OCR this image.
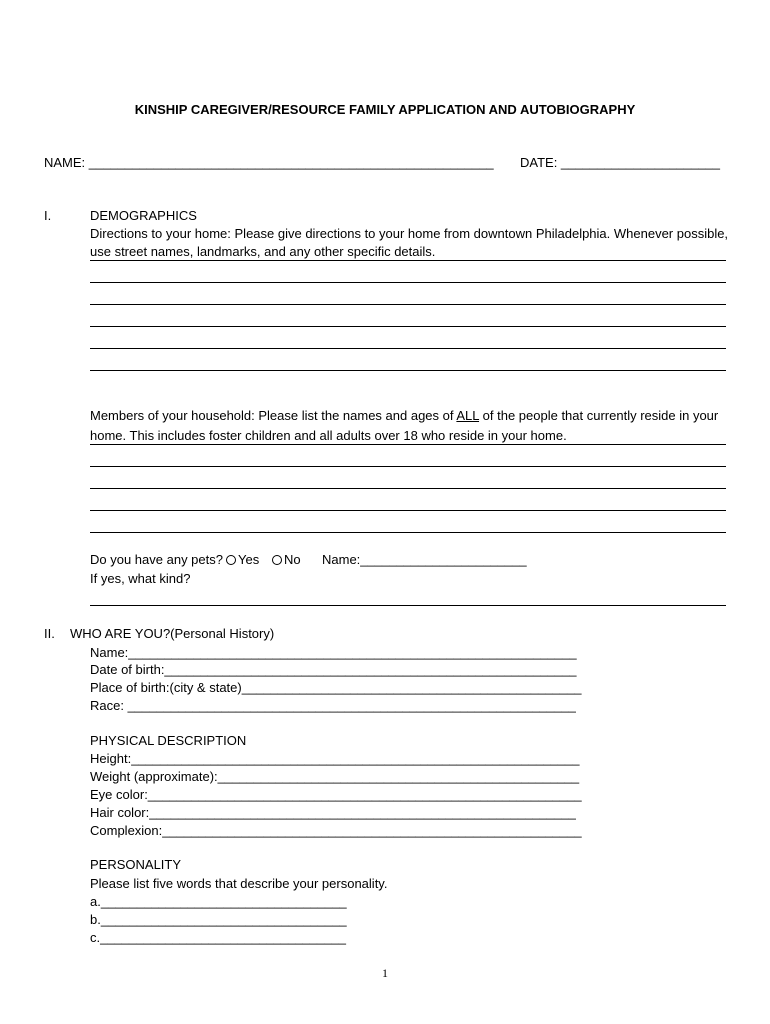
KINSHIP CAREGIVER/RESOURCE FAMILY APPLICATION AND AUTOBIOGRAPHY
NAME: ________________________________________________________ DATE: ______________________
I.	DEMOGRAPHICS
Directions to your home: Please give directions to your home from downtown Philadelphia. Whenever possible,
use street names, landmarks, and any other specific details.
Members of your household: Please list the names and ages of ALL of the people that currently reside in your
home. This includes foster children and all adults over 18 who reside in your home.
Do you have any pets?	Yes	No Name:_______________________
If yes, what kind?
II. WHO ARE YOU?(Personal History)
Name:______________________________________________________________
Date of birth:_________________________________________________________
Place of birth:(city & state)_______________________________________________
Race: ______________________________________________________________
PHYSICAL DESCRIPTION
Height:______________________________________________________________
Weight (approximate):__________________________________________________
Eye color:____________________________________________________________
Hair color:___________________________________________________________
Complexion:__________________________________________________________
PERSONALITY
Please list five words that describe your personality.
a.__________________________________
b.__________________________________
c.__________________________________
1
